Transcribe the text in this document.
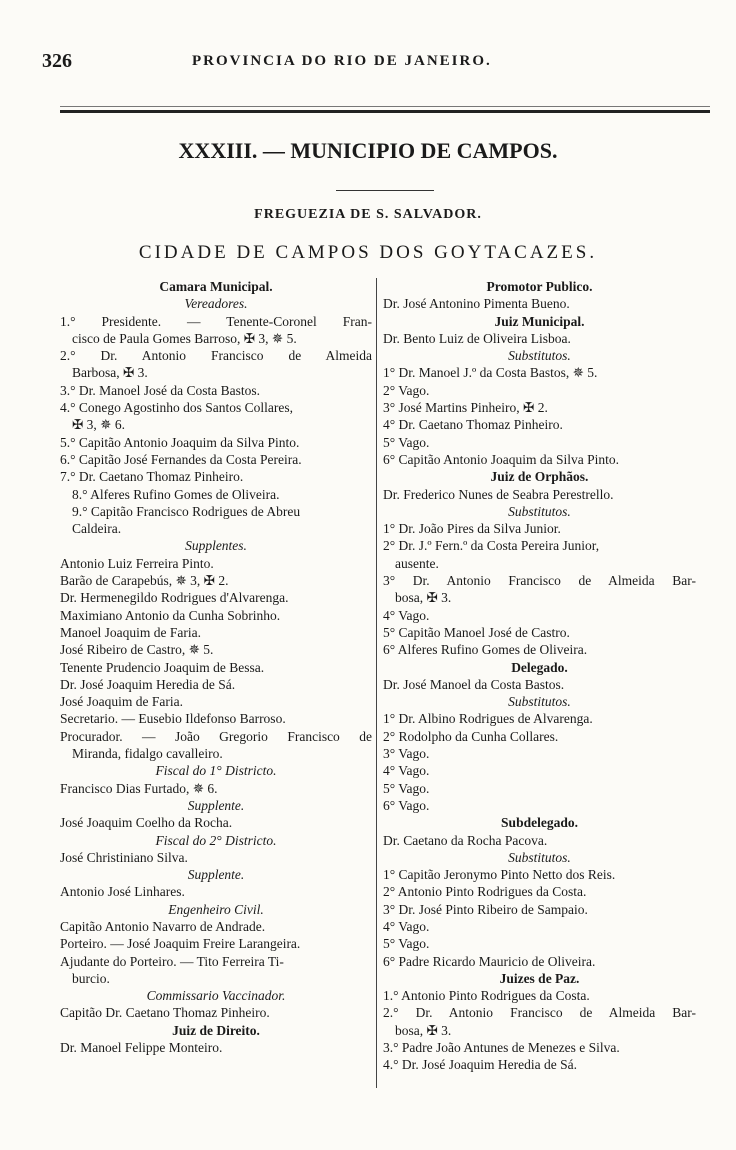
326	PROVINCIA DO RIO DE JANEIRO.
XXXIII. — MUNICIPIO DE CAMPOS.
FREGUEZIA DE S. SALVADOR.
CIDADE DE CAMPOS DOS GOYTACAZES.
Camara Municipal.
Vereadores.
1.° Presidente. — Tenente-Coronel Fran-
cisco de Paula Gomes Barroso, ✠ 3, ✵ 5.
2.° Dr. Antonio Francisco de Almeida
Barbosa, ✠ 3.
3.° Dr. Manoel José da Costa Bastos.
4.° Conego Agostinho dos Santos Collares,
✠ 3, ✵ 6.
5.° Capitão Antonio Joaquim da Silva Pinto.
6.° Capitão José Fernandes da Costa Pereira.
7.° Dr. Caetano Thomaz Pinheiro.
8.° Alferes Rufino Gomes de Oliveira.
9.° Capitão Francisco Rodrigues de Abreu
Caldeira.
Supplentes.
Antonio Luiz Ferreira Pinto.
Barão de Carapebús, ✵ 3, ✠ 2.
Dr. Hermenegildo Rodrigues d'Alvarenga.
Maximiano Antonio da Cunha Sobrinho.
Manoel Joaquim de Faria.
José Ribeiro de Castro, ✵ 5.
Tenente Prudencio Joaquim de Bessa.
Dr. José Joaquim Heredia de Sá.
José Joaquim de Faria.
Secretario. — Eusebio Ildefonso Barroso.
Procurador. — João Gregorio Francisco de
Miranda, fidalgo cavalleiro.
Fiscal do 1° Districto.
Francisco Dias Furtado, ✵ 6.
Supplente.
José Joaquim Coelho da Rocha.
Fiscal do 2° Districto.
José Christiniano Silva.
Supplente.
Antonio José Linhares.
Engenheiro Civil.
Capitão Antonio Navarro de Andrade.
Porteiro. — José Joaquim Freire Larangeira.
Ajudante do Porteiro. — Tito Ferreira Ti-
burcio.
Commissario Vaccinador.
Capitão Dr. Caetano Thomaz Pinheiro.
Juiz de Direito.
Dr. Manoel Felippe Monteiro.
Promotor Publico.
Dr. José Antonino Pimenta Bueno.
Juiz Municipal.
Dr. Bento Luiz de Oliveira Lisboa.
Substitutos.
1° Dr. Manoel J.º da Costa Bastos, ✵ 5.
2° Vago.
3° José Martins Pinheiro, ✠ 2.
4° Dr. Caetano Thomaz Pinheiro.
5° Vago.
6° Capitão Antonio Joaquim da Silva Pinto.
Juiz de Orphãos.
Dr. Frederico Nunes de Seabra Perestrello.
Substitutos.
1° Dr. João Pires da Silva Junior.
2° Dr. J.º Fern.º da Costa Pereira Junior,
ausente.
3° Dr. Antonio Francisco de Almeida Bar-
bosa, ✠ 3.
4° Vago.
5° Capitão Manoel José de Castro.
6° Alferes Rufino Gomes de Oliveira.
Delegado.
Dr. José Manoel da Costa Bastos.
Substitutos.
1° Dr. Albino Rodrigues de Alvarenga.
2° Rodolpho da Cunha Collares.
3° Vago.
4° Vago.
5° Vago.
6° Vago.
Subdelegado.
Dr. Caetano da Rocha Pacova.
Substitutos.
1° Capitão Jeronymo Pinto Netto dos Reis.
2° Antonio Pinto Rodrigues da Costa.
3° Dr. José Pinto Ribeiro de Sampaio.
4° Vago.
5° Vago.
6° Padre Ricardo Mauricio de Oliveira.
Juizes de Paz.
1.° Antonio Pinto Rodrigues da Costa.
2.° Dr. Antonio Francisco de Almeida Bar-
bosa, ✠ 3.
3.° Padre João Antunes de Menezes e Silva.
4.° Dr. José Joaquim Heredia de Sá.
